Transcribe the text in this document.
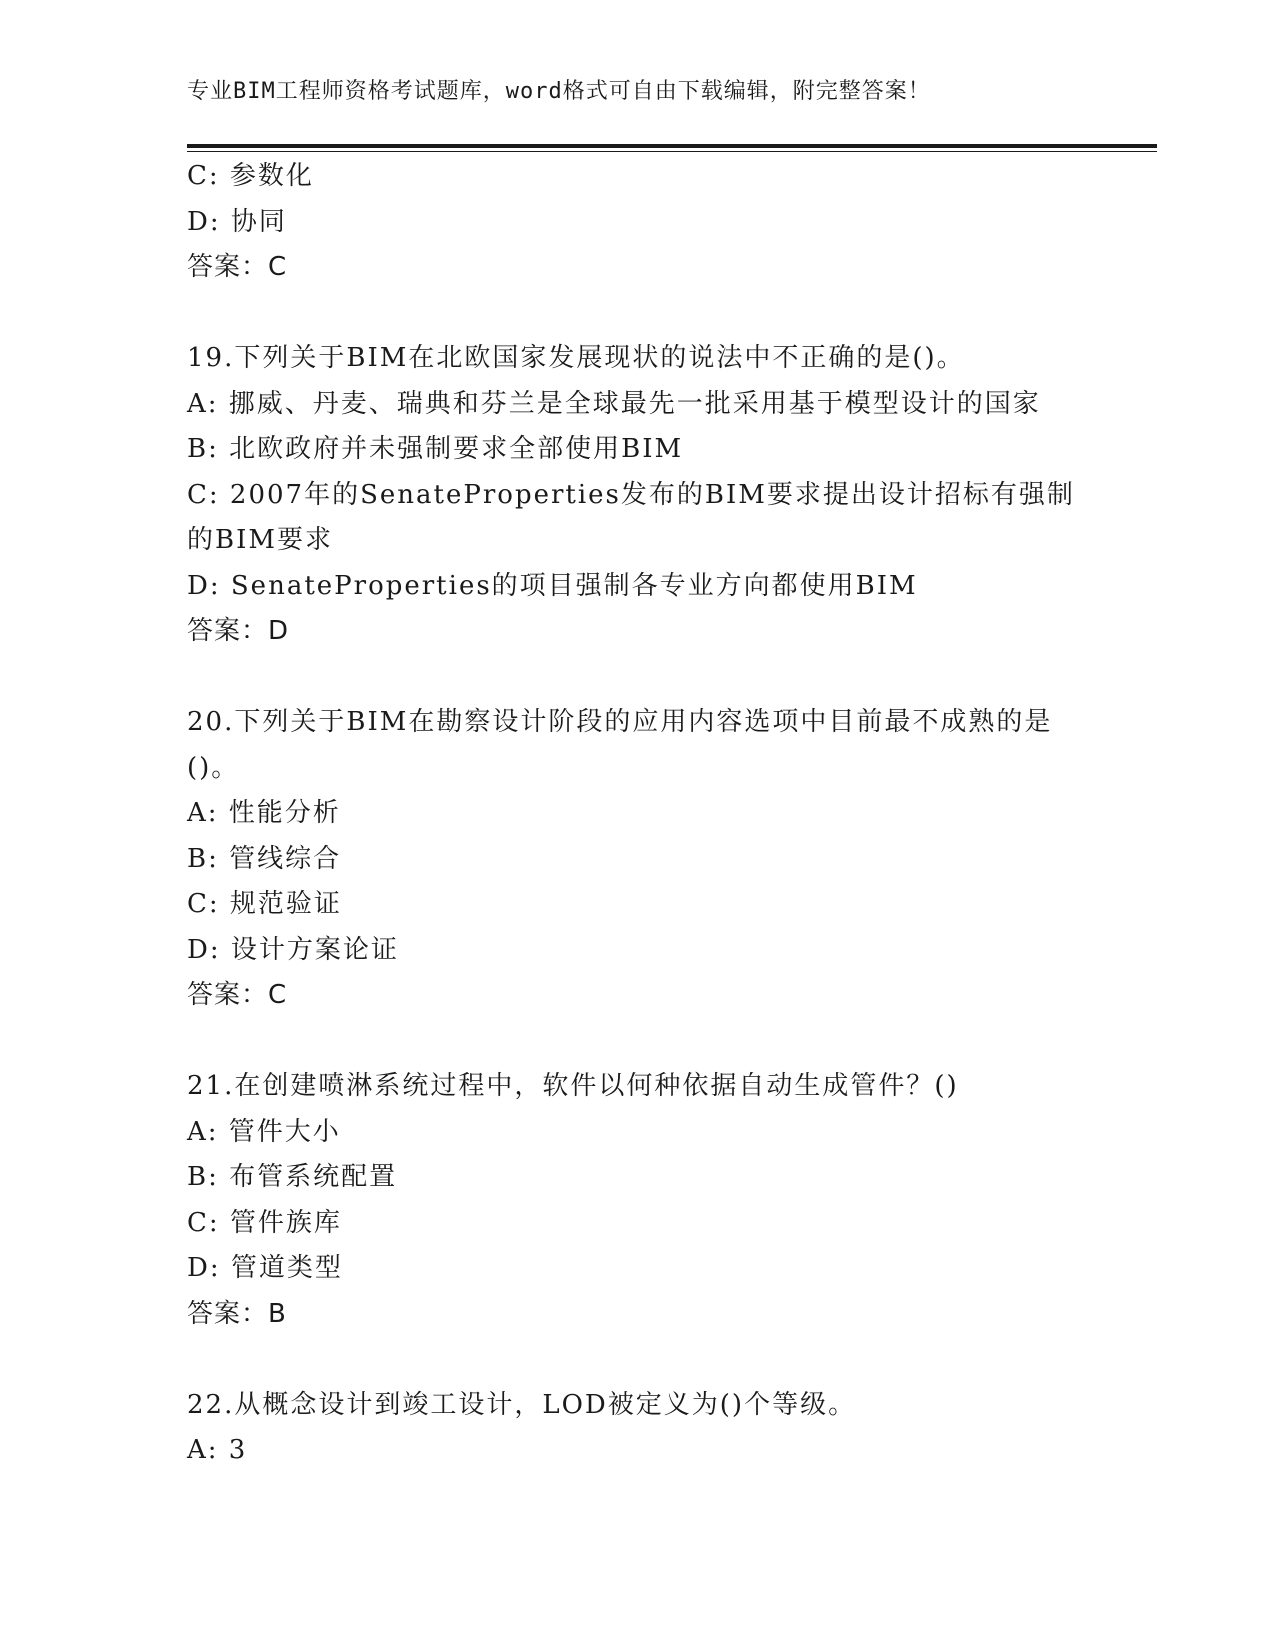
专业BIM工程师资格考试题库，word格式可自由下载编辑，附完整答案！
C: 参数化
D: 协同
答案：C
19.下列关于BIM在北欧国家发展现状的说法中不正确的是()。
A: 挪威、丹麦、瑞典和芬兰是全球最先一批采用基于模型设计的国家
B: 北欧政府并未强制要求全部使用BIM
C: 2007年的SenateProperties发布的BIM要求提出设计招标有强制
的BIM要求
D: SenateProperties的项目强制各专业方向都使用BIM
答案：D
20.下列关于BIM在勘察设计阶段的应用内容选项中目前最不成熟的是
()。
A: 性能分析
B: 管线综合
C: 规范验证
D: 设计方案论证
答案：C
21.在创建喷淋系统过程中，软件以何种依据自动生成管件？()
A: 管件大小
B: 布管系统配置
C: 管件族库
D: 管道类型
答案：B
22.从概念设计到竣工设计，LOD被定义为()个等级。
A: 3
